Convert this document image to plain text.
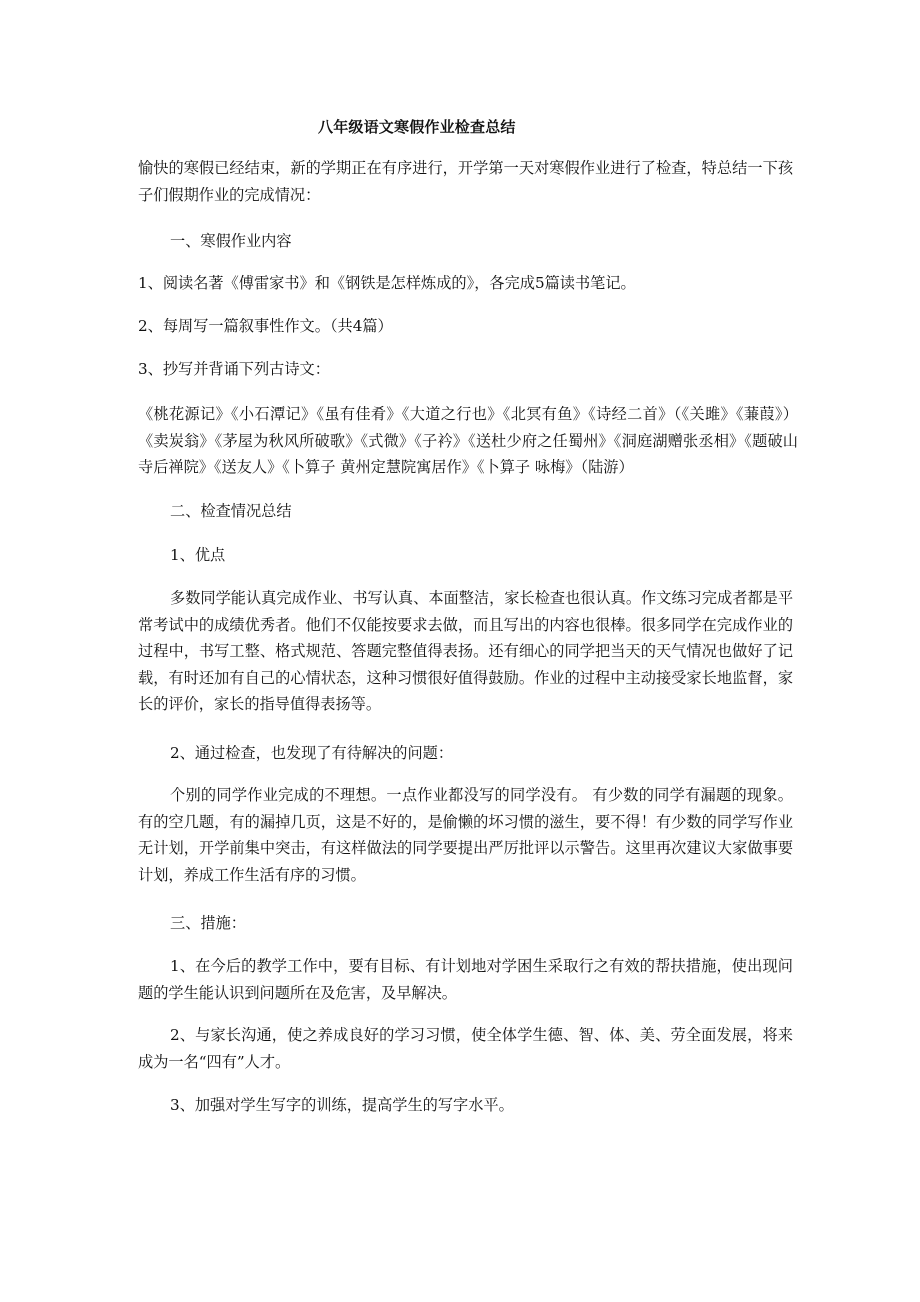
八年级语文寒假作业检查总结
愉快的寒假已经结束，新的学期正在有序进行，开学第一天对寒假作业进行了检查，特总结一下孩子们假期作业的完成情况：
一、寒假作业内容
1、阅读名著《傅雷家书》和《钢铁是怎样炼成的》，各完成5篇读书笔记。
2、每周写一篇叙事性作文。（共4篇）
3、抄写并背诵下列古诗文：
《桃花源记》《小石潭记》《虽有佳肴》《大道之行也》《北冥有鱼》《诗经二首》（《关雎》《蒹葭》）《卖炭翁》《茅屋为秋风所破歌》《式微》《子衿》《送杜少府之任蜀州》《洞庭湖赠张丞相》《题破山寺后禅院》《送友人》《卜算子 黄州定慧院寓居作》《卜算子 咏梅》（陆游）
二、检查情况总结
1、优点
多数同学能认真完成作业、书写认真、本面整洁，家长检查也很认真。作文练习完成者都是平常考试中的成绩优秀者。他们不仅能按要求去做，而且写出的内容也很棒。很多同学在完成作业的过程中，书写工整、格式规范、答题完整值得表扬。还有细心的同学把当天的天气情况也做好了记载，有时还加有自己的心情状态，这种习惯很好值得鼓励。作业的过程中主动接受家长地监督，家长的评价，家长的指导值得表扬等。
2、通过检查，也发现了有待解决的问题：
个别的同学作业完成的不理想。一点作业都没写的同学没有。 有少数的同学有漏题的现象。有的空几题，有的漏掉几页，这是不好的，是偷懒的坏习惯的滋生，要不得！有少数的同学写作业无计划，开学前集中突击，有这样做法的同学要提出严厉批评以示警告。这里再次建议大家做事要计划，养成工作生活有序的习惯。
三、措施：
1、在今后的教学工作中，要有目标、有计划地对学困生采取行之有效的帮扶措施，使出现问题的学生能认识到问题所在及危害，及早解决。
2、与家长沟通，使之养成良好的学习习惯，使全体学生德、智、体、美、劳全面发展，将来成为一名“四有”人才。
3、加强对学生写字的训练，提高学生的写字水平。
